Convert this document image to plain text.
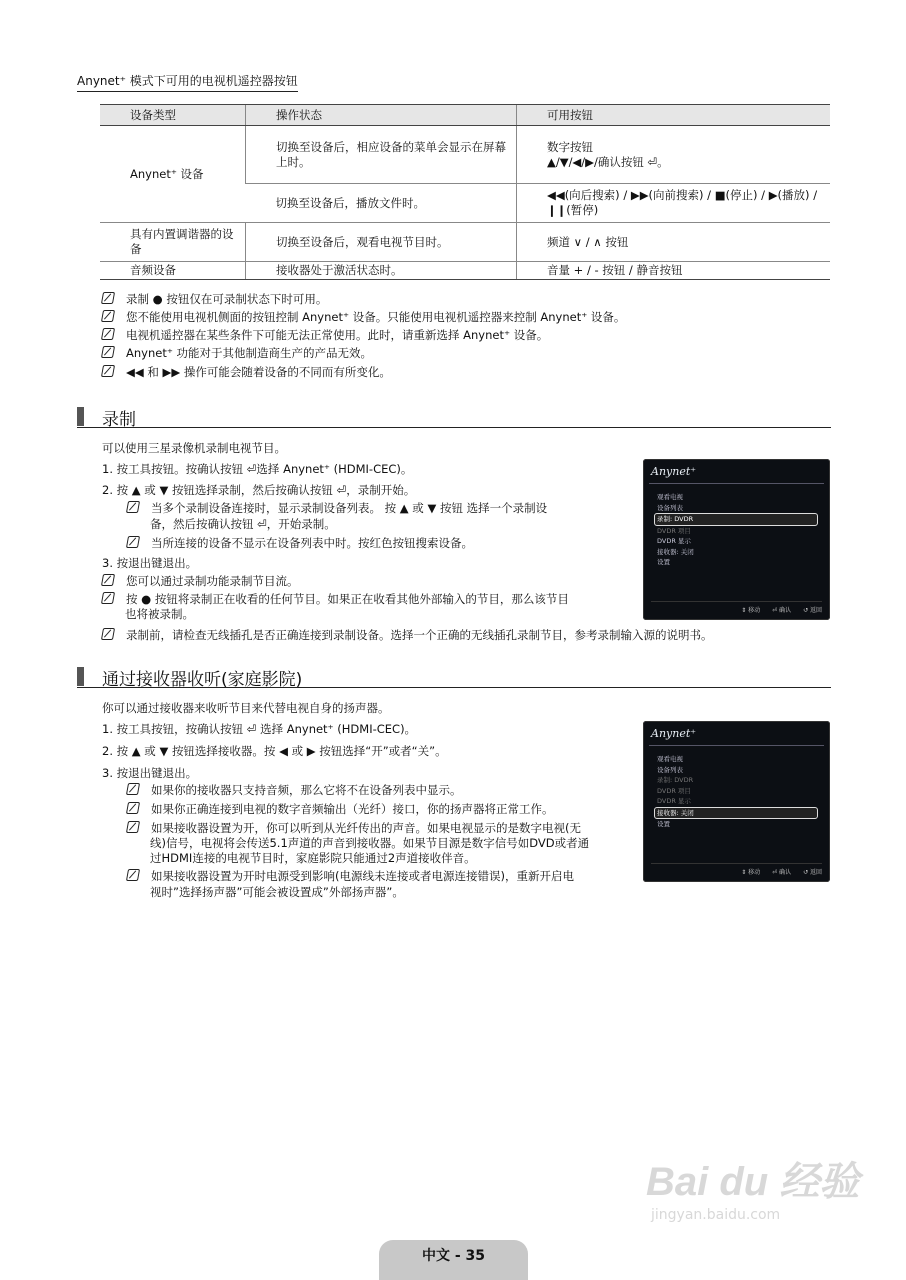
Anynet⁺ 模式下可用的电视机遥控器按钮
设备类型	操作状态	可用按钮
Anynet⁺ 设备	切换至设备后，相应设备的菜单会显示在屏幕上时。	数字按钮
▲/▼/◀/▶/确认按钮 ⏎。
	切换至设备后，播放文件时。	◀◀(向后搜索) / ▶▶(向前搜索) / ■(停止) / ▶(播放) / ❙❙(暂停)
具有内置调谐器的设备	切换至设备后，观看电视节目时。	频道 ∨ / ∧ 按钮
音频设备	接收器处于激活状态时。	音量 + / - 按钮 / 静音按钮
录制 ● 按钮仅在可录制状态下时可用。
您不能使用电视机侧面的按钮控制 Anynet⁺ 设备。只能使用电视机遥控器来控制 Anynet⁺ 设备。
电视机遥控器在某些条件下可能无法正常使用。此时，请重新选择 Anynet⁺ 设备。
Anynet⁺ 功能对于其他制造商生产的产品无效。
◀◀ 和 ▶▶ 操作可能会随着设备的不同而有所变化。
录制
可以使用三星录像机录制电视节目。
1. 按工具按钮。按确认按钮 ⏎选择 Anynet⁺ (HDMI-CEC)。
2. 按 ▲ 或 ▼ 按钮选择录制，然后按确认按钮 ⏎，录制开始。
当多个录制设备连接时，显示录制设备列表。 按 ▲ 或 ▼ 按钮 选择一个录制设
备，然后按确认按钮 ⏎，开始录制。
当所连接的设备不显示在设备列表中时。按红色按钮搜索设备。
3. 按退出键退出。
您可以通过录制功能录制节目流。
按 ● 按钮将录制正在收看的任何节目。如果正在收看其他外部输入的节目，那么该节目
也将被录制。
录制前，请检查无线插孔是否正确连接到录制设备。选择一个正确的无线插孔录制节目，参考录制输入源的说明书。
Anynet⁺
观看电视
设备列表
录制: DVDR
DVDR 项目
DVDR 显示
接收器: 关闭
设置
⇕ 移动 ⏎ 确认 ↺ 返回
通过接收器收听(家庭影院)
你可以通过接收器来收听节目来代替电视自身的扬声器。
1. 按工具按钮，按确认按钮 ⏎ 选择 Anynet⁺ (HDMI-CEC)。
2. 按 ▲ 或 ▼ 按钮选择接收器。按 ◀ 或 ▶ 按钮选择“开”或者“关”。
3. 按退出键退出。
如果你的接收器只支持音频，那么它将不在设备列表中显示。
如果你正确连接到电视的数字音频输出（光纤）接口，你的扬声器将正常工作。
如果接收器设置为开，你可以听到从光纤传出的声音。如果电视显示的是数字电视(无
线)信号，电视将会传送5.1声道的声音到接收器。如果节目源是数字信号如DVD或者通
过HDMI连接的电视节目时，家庭影院只能通过2声道接收伴音。
如果接收器设置为开时电源受到影响(电源线未连接或者电源连接错误)，重新开启电
视时”选择扬声器”可能会被设置成”外部扬声器”。
Anynet⁺
观看电视
设备列表
录制: DVDR
DVDR 项目
DVDR 显示
接收器: 关闭
设置
⇕ 移动 ⏎ 确认 ↺ 返回
Bai du 经验
jingyan.baidu.com
中文 - 35
